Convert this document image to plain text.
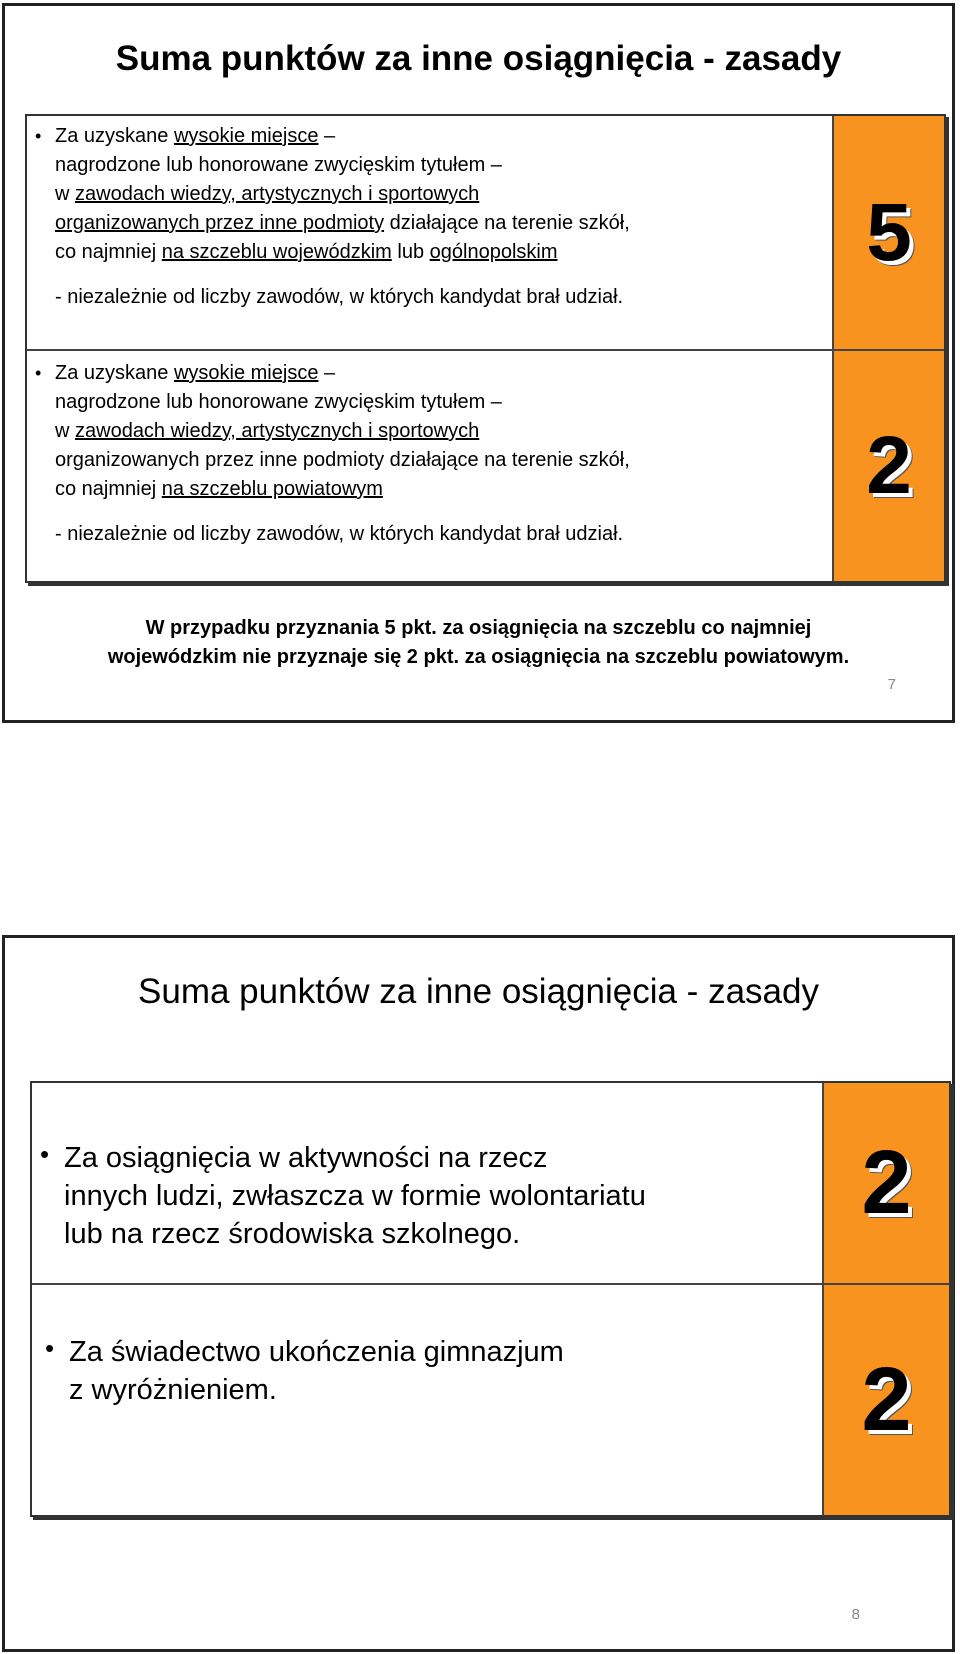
Suma punktów za inne osiągnięcia - zasady
• Za uzyskane wysokie miejsce –
nagrodzone lub honorowane zwycięskim tytułem –
w zawodach wiedzy, artystycznych i sportowych
organizowanych przez inne podmioty działające na terenie szkół,
co najmniej na szczeblu wojewódzkim lub ogólnopolskim
- niezależnie od liczby zawodów, w których kandydat brał udział.
5
• Za uzyskane wysokie miejsce –
nagrodzone lub honorowane zwycięskim tytułem –
w zawodach wiedzy, artystycznych i sportowych
organizowanych przez inne podmioty działające na terenie szkół,
co najmniej na szczeblu powiatowym
- niezależnie od liczby zawodów, w których kandydat brał udział.
2
W przypadku przyznania 5 pkt. za osiągnięcia na szczeblu co najmniej
wojewódzkim nie przyznaje się 2 pkt. za osiągnięcia na szczeblu powiatowym.
7
Suma punktów za inne osiągnięcia - zasady
• Za osiągnięcia w aktywności na rzecz
innych ludzi, zwłaszcza w formie wolontariatu
lub na rzecz środowiska szkolnego.
2
• Za świadectwo ukończenia gimnazjum
z wyróżnieniem.	2
8
